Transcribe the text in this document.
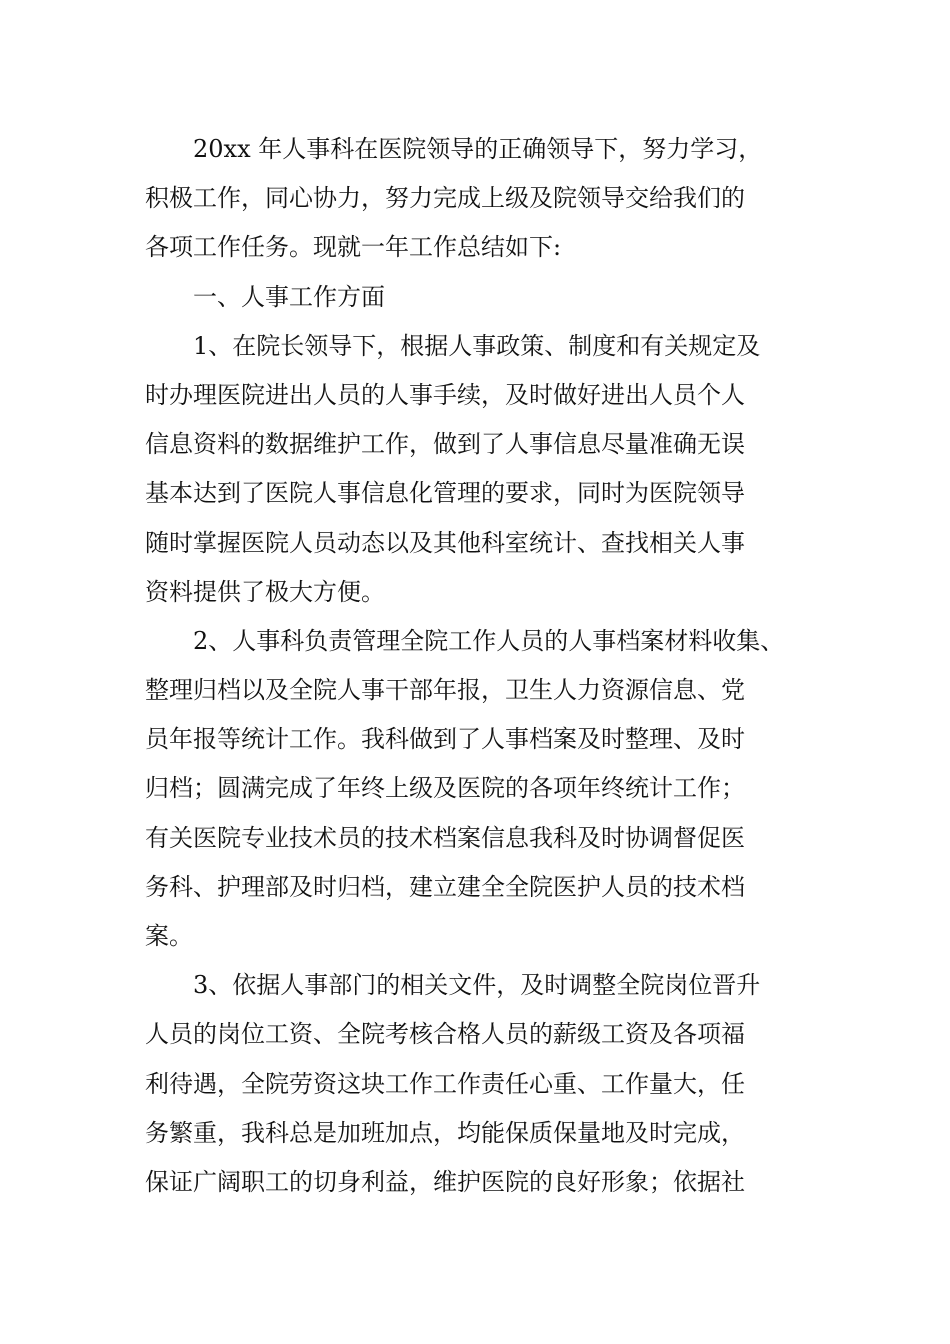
20xx 年人事科在医院领导的正确领导下，努力学习，
积极工作，同心协力，努力完成上级及院领导交给我们的
各项工作任务。现就一年工作总结如下:
一、人事工作方面
1、在院长领导下，根据人事政策、制度和有关规定及
时办理医院进出人员的人事手续，及时做好进出人员个人
信息资料的数据维护工作，做到了人事信息尽量准确无误
基本达到了医院人事信息化管理的要求，同时为医院领导
随时掌握医院人员动态以及其他科室统计、查找相关人事
资料提供了极大方便。
2、人事科负责管理全院工作人员的人事档案材料收集、
整理归档以及全院人事干部年报，卫生人力资源信息、党
员年报等统计工作。我科做到了人事档案及时整理、及时
归档；圆满完成了年终上级及医院的各项年终统计工作；
有关医院专业技术员的技术档案信息我科及时协调督促医
务科、护理部及时归档，建立建全全院医护人员的技术档
案。
3、依据人事部门的相关文件，及时调整全院岗位晋升
人员的岗位工资、全院考核合格人员的薪级工资及各项福
利待遇，全院劳资这块工作工作责任心重、工作量大，任
务繁重，我科总是加班加点，均能保质保量地及时完成，
保证广阔职工的切身利益，维护医院的良好形象；依据社
